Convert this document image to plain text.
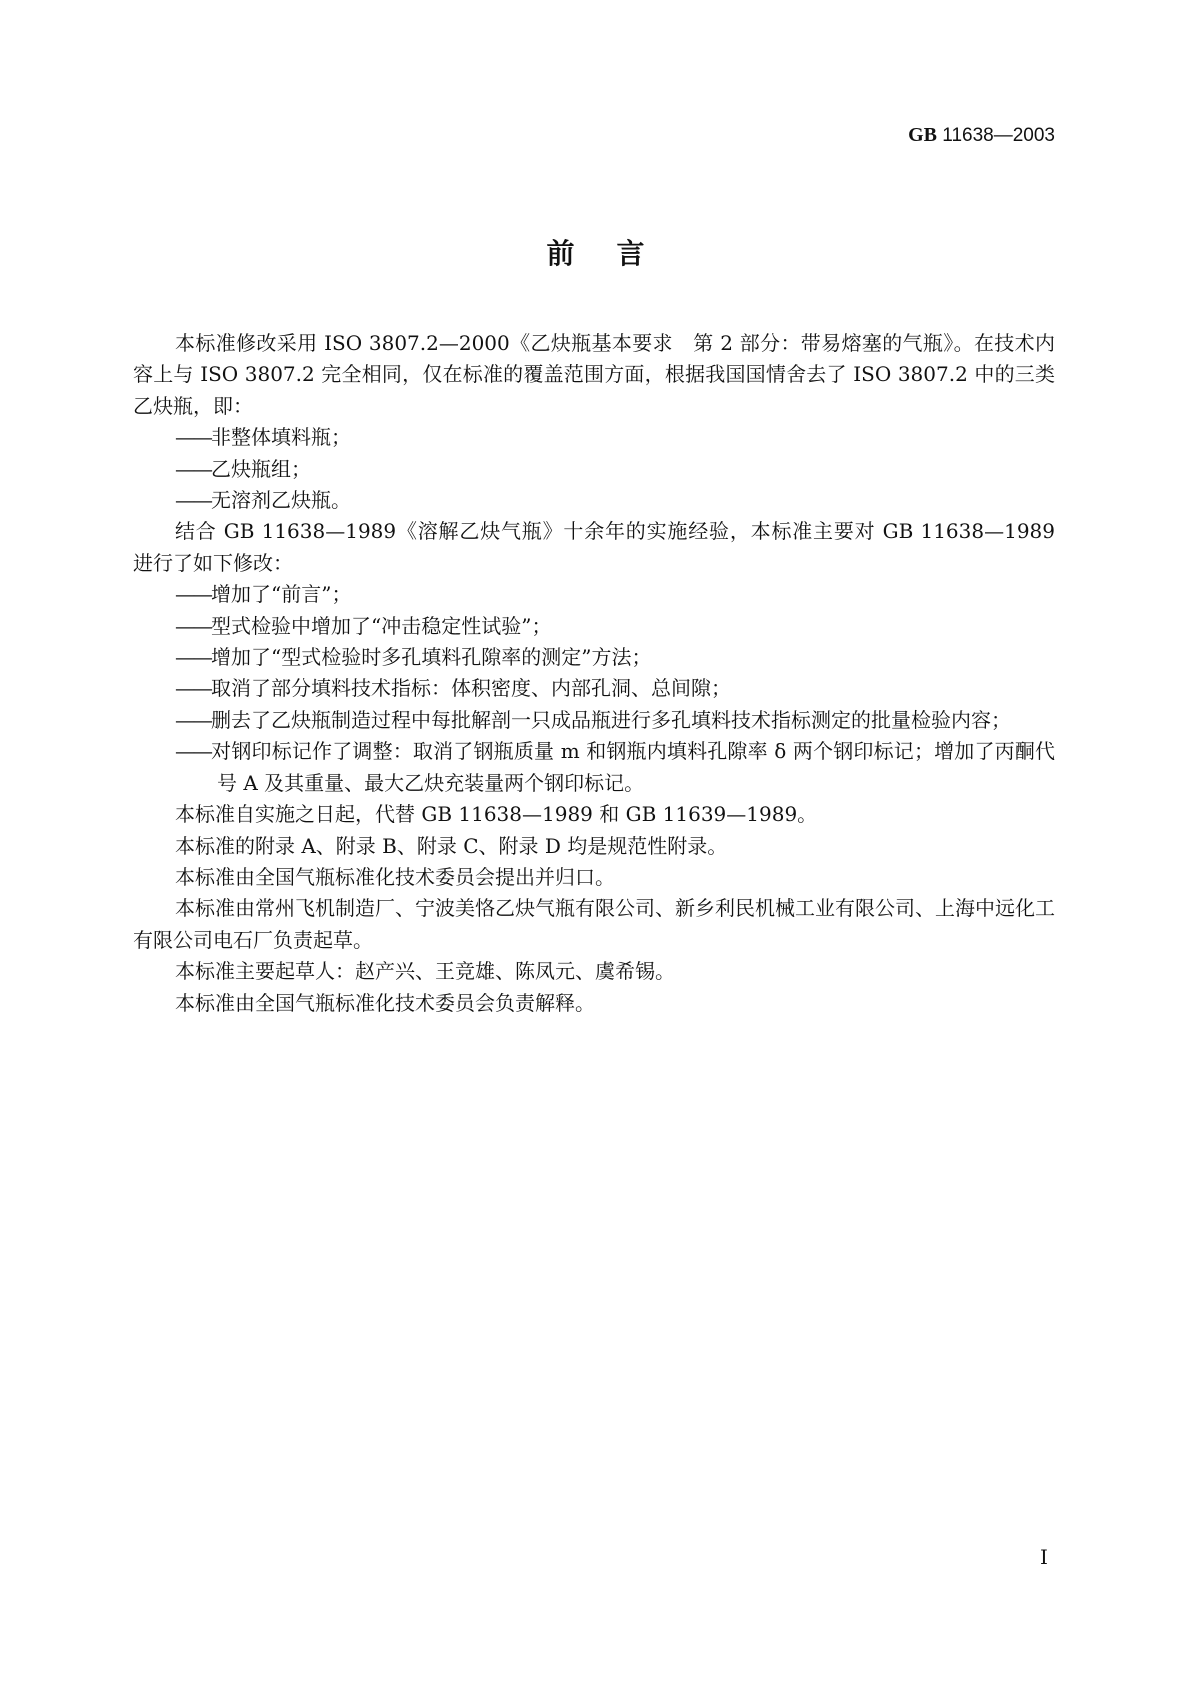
GB 11638—2003
前言

本标准修改采用 ISO 3807.2—2000《乙炔瓶基本要求　第 2 部分：带易熔塞的气瓶》。在技术内容上与 ISO 3807.2 完全相同，仅在标准的覆盖范围方面，根据我国国情舍去了 ISO 3807.2 中的三类乙炔瓶，即：

——非整体填料瓶；

——乙炔瓶组；

——无溶剂乙炔瓶。

结合 GB 11638—1989《溶解乙炔气瓶》十余年的实施经验，本标准主要对 GB 11638—1989 进行了如下修改：

——增加了“前言”；

——型式检验中增加了“冲击稳定性试验”；

——增加了“型式检验时多孔填料孔隙率的测定”方法；

——取消了部分填料技术指标：体积密度、内部孔洞、总间隙；

——删去了乙炔瓶制造过程中每批解剖一只成品瓶进行多孔填料技术指标测定的批量检验内容；

——对钢印标记作了调整：取消了钢瓶质量 m 和钢瓶内填料孔隙率 δ 两个钢印标记；增加了丙酮代号 A 及其重量、最大乙炔充装量两个钢印标记。

本标准自实施之日起，代替 GB 11638—1989 和 GB 11639—1989。

本标准的附录 A、附录 B、附录 C、附录 D 均是规范性附录。

本标准由全国气瓶标准化技术委员会提出并归口。

本标准由常州飞机制造厂、宁波美恪乙炔气瓶有限公司、新乡利民机械工业有限公司、上海中远化工有限公司电石厂负责起草。

本标准主要起草人：赵产兴、王竞雄、陈凤元、虞希锡。

本标准由全国气瓶标准化技术委员会负责解释。

I
